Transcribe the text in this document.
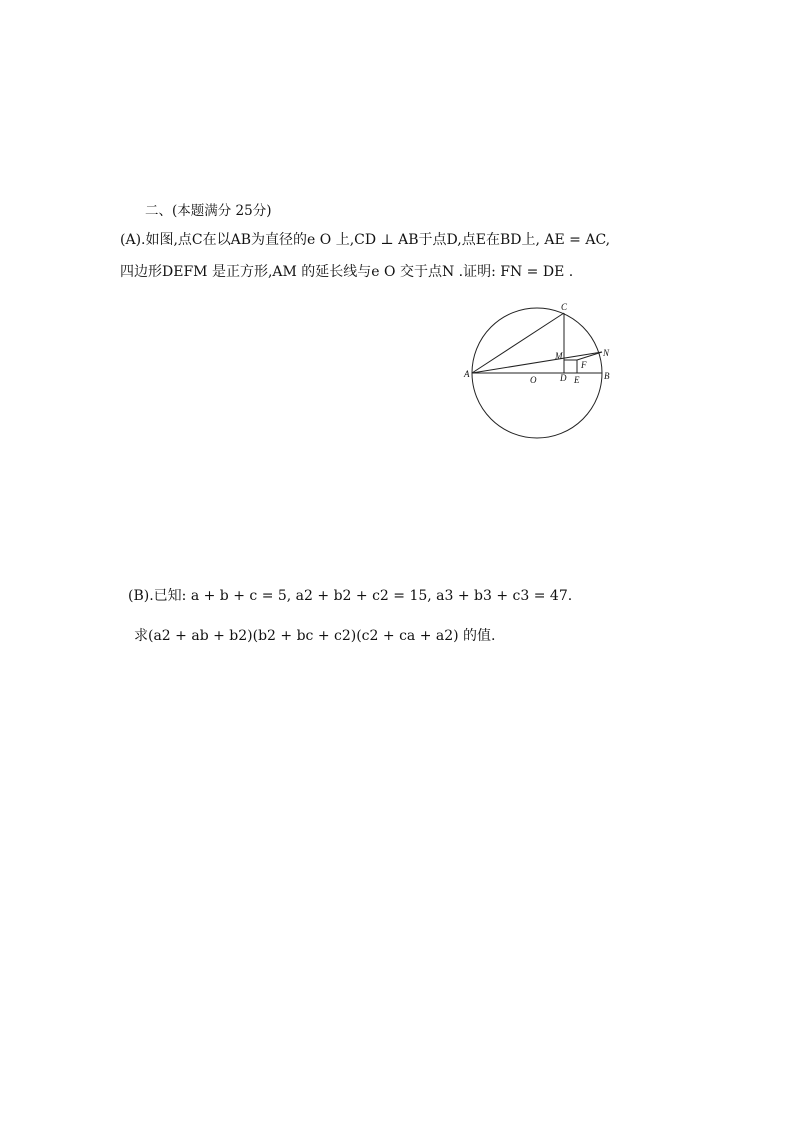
二、(本题满分 25分)
(A).如图,点C在以AB为直径的e O 上,CD ⊥ AB于点D,点E在BD上, AE = AC,
四边形DEFM 是正方形,AM 的延长线与e O 交于点N .证明: FN = DE .
C
A	B
O	D E
M
F
N
(B).已知: a + b + c = 5, a2 + b2 + c2 = 15, a3 + b3 + c3 = 47.
求(a2 + ab + b2)(b2 + bc + c2)(c2 + ca + a2) 的值.
